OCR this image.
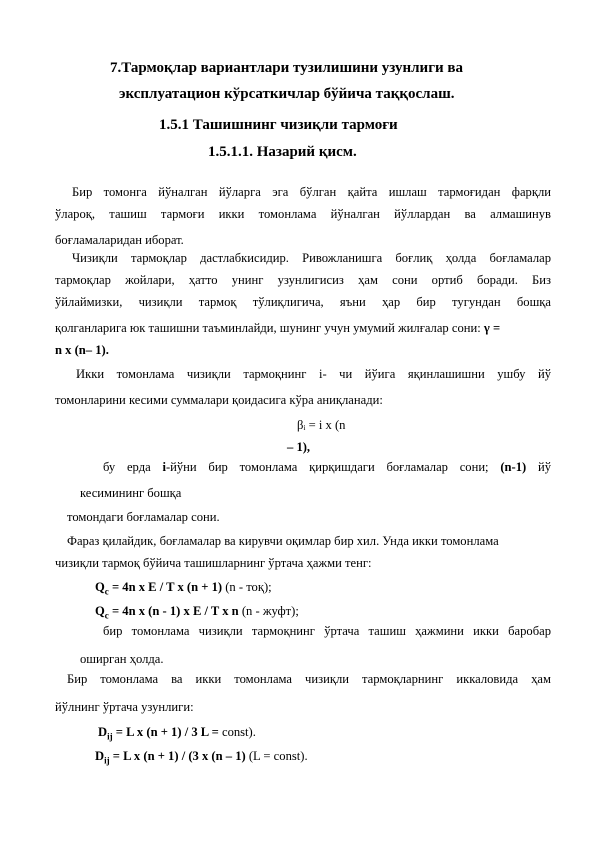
7.Тармоқлар вариантлари тузилишини узунлиги ва
эксплуатацион кўрсаткичлар бўйича таққослаш.
1.5.1 Ташишнинг чизиқли тармоғи
1.5.1.1. Назарий қисм.
Бир томонга йўналган йўларга эга бўлган қайта ишлаш тармоғидан фарқли
ўлароқ, ташиш тармоғи икки томонлама йўналган йўллардан ва алмашинув
боғламаларидан иборат.
Чизиқли тармоқлар дастлабкисидир. Ривожланишга боғлиқ ҳолда боғламалар
тармоқлар жойлари, ҳатто унинг узунлигисиз ҳам сони ортиб боради. Биз
ўйлаймизки, чизиқли тармоқ тўлиқлигича, яъни ҳар бир тугундан бошқа
қолганларига юк ташишни таъминлайди, шунинг учун умумий жилғалар сони: γ =
n x (n– 1).
Икки томонлама чизиқли тармоқнинг i- чи йўига яқинлашишни ушбу йў
томонларини кесими суммалари қоидасига кўра аниқланади:
βᵢ = i x (n
– 1),
бу ерда i-йўни бир томонлама қирқишдаги боғламалар сони; (n-1) йў
кесимининг бошқа
томондаги боғламалар сони.
Фараз қилайдик, боғламалар ва кирувчи оқимлар бир хил. Унда икки томонлама
чизиқли тармоқ бўйича ташишларнинг ўртача ҳажми тенг:
$Q_c = 4n$ x E / T x (n + 1) (n - тоқ);
$Q_c = 4n$ x (n - 1) x E / T x n (n - жуфт);
бир томонлама чизиқли тармоқнинг ўртача ташиш ҳажмини икки баробар
оширган ҳолда.
Бир томонлама ва икки томонлама чизиқли тармоқларнинг иккаловида ҳам
йўлнинг ўртача узунлиги:
$D_{ij} = L$ x (n + 1) / 3 L = const).
$D_{ij} = L$ x (n + 1) / (3 x (n – 1) (L = const).
